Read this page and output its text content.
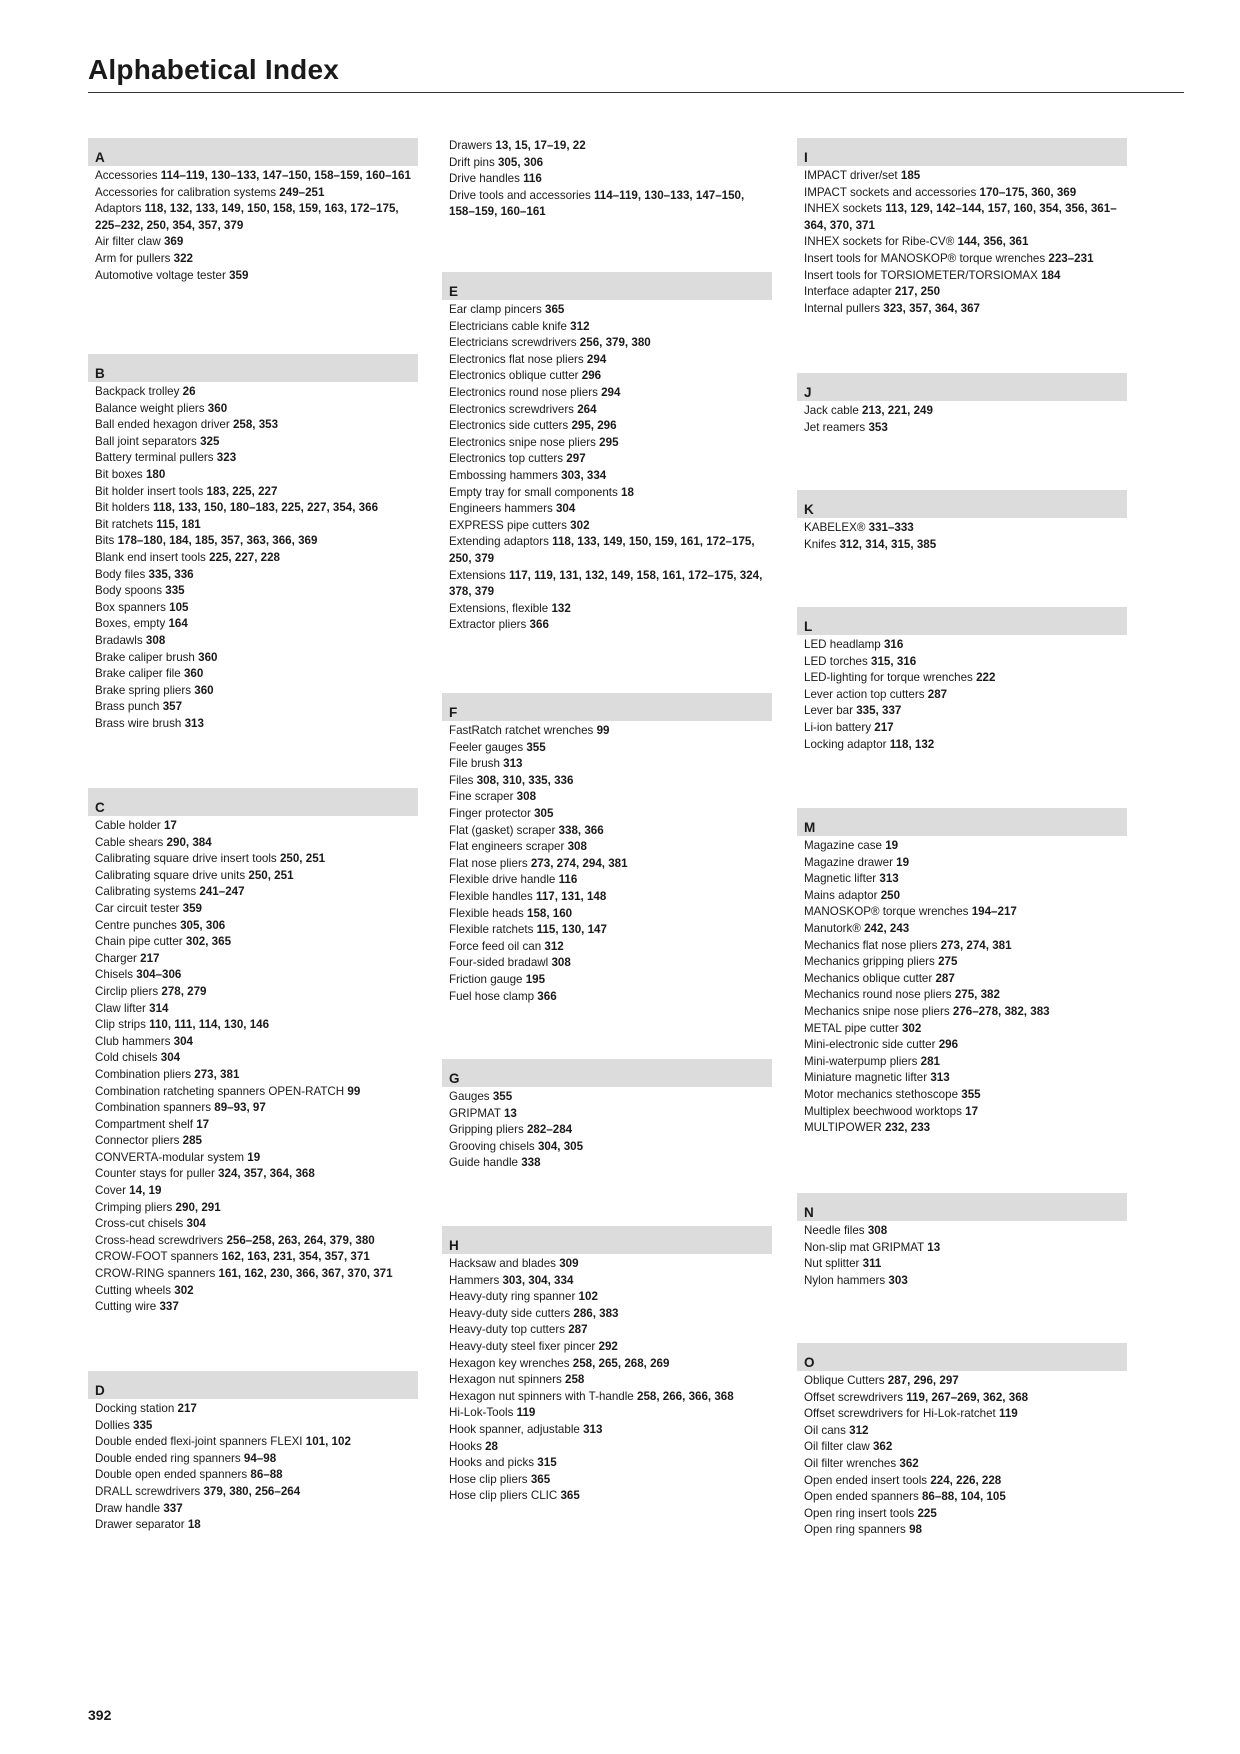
Alphabetical Index
A
Accessories 114–119, 130–133, 147–150, 158–159, 160–161
Accessories for calibration systems 249–251
Adaptors 118, 132, 133, 149, 150, 158, 159, 163, 172–175, 225–232, 250, 354, 357, 379
Air filter claw 369
Arm for pullers 322
Automotive voltage tester 359
B
Backpack trolley 26
Balance weight pliers 360
Ball ended hexagon driver 258, 353
Ball joint separators 325
Battery terminal pullers 323
Bit boxes 180
Bit holder insert tools 183, 225, 227
Bit holders 118, 133, 150, 180–183, 225, 227, 354, 366
Bit ratchets 115, 181
Bits 178–180, 184, 185, 357, 363, 366, 369
Blank end insert tools 225, 227, 228
Body files 335, 336
Body spoons 335
Box spanners 105
Boxes, empty 164
Bradawls 308
Brake caliper brush 360
Brake caliper file 360
Brake spring pliers 360
Brass punch 357
Brass wire brush 313
C
Cable holder 17
Cable shears 290, 384
Calibrating square drive insert tools 250, 251
Calibrating square drive units 250, 251
Calibrating systems 241–247
Car circuit tester 359
Centre punches 305, 306
Chain pipe cutter 302, 365
Charger 217
Chisels 304–306
Circlip pliers 278, 279
Claw lifter 314
Clip strips 110, 111, 114, 130, 146
Club hammers 304
Cold chisels 304
Combination pliers 273, 381
Combination ratcheting spanners OPEN-RATCH 99
Combination spanners 89–93, 97
Compartment shelf 17
Connector pliers 285
CONVERTA-modular system 19
Counter stays for puller 324, 357, 364, 368
Cover 14, 19
Crimping pliers 290, 291
Cross-cut chisels 304
Cross-head screwdrivers 256–258, 263, 264, 379, 380
CROW-FOOT spanners 162, 163, 231, 354, 357, 371
CROW-RING spanners 161, 162, 230, 366, 367, 370, 371
Cutting wheels 302
Cutting wire 337
D
Docking station 217
Dollies 335
Double ended flexi-joint spanners FLEXI 101, 102
Double ended ring spanners 94–98
Double open ended spanners 86–88
DRALL screwdrivers 379, 380, 256–264
Draw handle 337
Drawer separator 18
Drawers 13, 15, 17–19, 22
Drift pins 305, 306
Drive handles 116
Drive tools and accessories 114–119, 130–133, 147–150, 158–159, 160–161
E
Ear clamp pincers 365
Electricians cable knife 312
Electricians screwdrivers 256, 379, 380
Electronics flat nose pliers 294
Electronics oblique cutter 296
Electronics round nose pliers 294
Electronics screwdrivers 264
Electronics side cutters 295, 296
Electronics snipe nose pliers 295
Electronics top cutters 297
Embossing hammers 303, 334
Empty tray for small components 18
Engineers hammers 304
EXPRESS pipe cutters 302
Extending adaptors 118, 133, 149, 150, 159, 161, 172–175, 250, 379
Extensions 117, 119, 131, 132, 149, 158, 161, 172–175, 324, 378, 379
Extensions, flexible 132
Extractor pliers 366
F
FastRatch ratchet wrenches 99
Feeler gauges 355
File brush 313
Files 308, 310, 335, 336
Fine scraper 308
Finger protector 305
Flat (gasket) scraper 338, 366
Flat engineers scraper 308
Flat nose pliers 273, 274, 294, 381
Flexible drive handle 116
Flexible handles 117, 131, 148
Flexible heads 158, 160
Flexible ratchets 115, 130, 147
Force feed oil can 312
Four-sided bradawl 308
Friction gauge 195
Fuel hose clamp 366
G
Gauges 355
GRIPMAT 13
Gripping pliers 282–284
Grooving chisels 304, 305
Guide handle 338
H
Hacksaw and blades 309
Hammers 303, 304, 334
Heavy-duty ring spanner 102
Heavy-duty side cutters 286, 383
Heavy-duty top cutters 287
Heavy-duty steel fixer pincer 292
Hexagon key wrenches 258, 265, 268, 269
Hexagon nut spinners 258
Hexagon nut spinners with T-handle 258, 266, 366, 368
Hi-Lok-Tools 119
Hook spanner, adjustable 313
Hooks 28
Hooks and picks 315
Hose clip pliers 365
Hose clip pliers CLIC 365
I
IMPACT driver/set 185
IMPACT sockets and accessories 170–175, 360, 369
INHEX sockets 113, 129, 142–144, 157, 160, 354, 356, 361–364, 370, 371
INHEX sockets for Ribe-CV® 144, 356, 361
Insert tools for MANOSKOP® torque wrenches 223–231
Insert tools for TORSIOMETER/TORSIOMAX 184
Interface adapter 217, 250
Internal pullers 323, 357, 364, 367
J
Jack cable 213, 221, 249
Jet reamers 353
K
KABELEX® 331–333
Knifes 312, 314, 315, 385
L
LED headlamp 316
LED torches 315, 316
LED-lighting for torque wrenches 222
Lever action top cutters 287
Lever bar 335, 337
Li-ion battery 217
Locking adaptor 118, 132
M
Magazine case 19
Magazine drawer 19
Magnetic lifter 313
Mains adaptor 250
MANOSKOP® torque wrenches 194–217
Manutork® 242, 243
Mechanics flat nose pliers 273, 274, 381
Mechanics gripping pliers 275
Mechanics oblique cutter 287
Mechanics round nose pliers 275, 382
Mechanics snipe nose pliers 276–278, 382, 383
METAL pipe cutter 302
Mini-electronic side cutter 296
Mini-waterpump pliers 281
Miniature magnetic lifter 313
Motor mechanics stethoscope 355
Multiplex beechwood worktops 17
MULTIPOWER 232, 233
N
Needle files 308
Non-slip mat GRIPMAT 13
Nut splitter 311
Nylon hammers 303
O
Oblique Cutters 287, 296, 297
Offset screwdrivers 119, 267–269, 362, 368
Offset screwdrivers for Hi-Lok-ratchet 119
Oil cans 312
Oil filter claw 362
Oil filter wrenches 362
Open ended insert tools 224, 226, 228
Open ended spanners 86–88, 104, 105
Open ring insert tools 225
Open ring spanners 98
392
